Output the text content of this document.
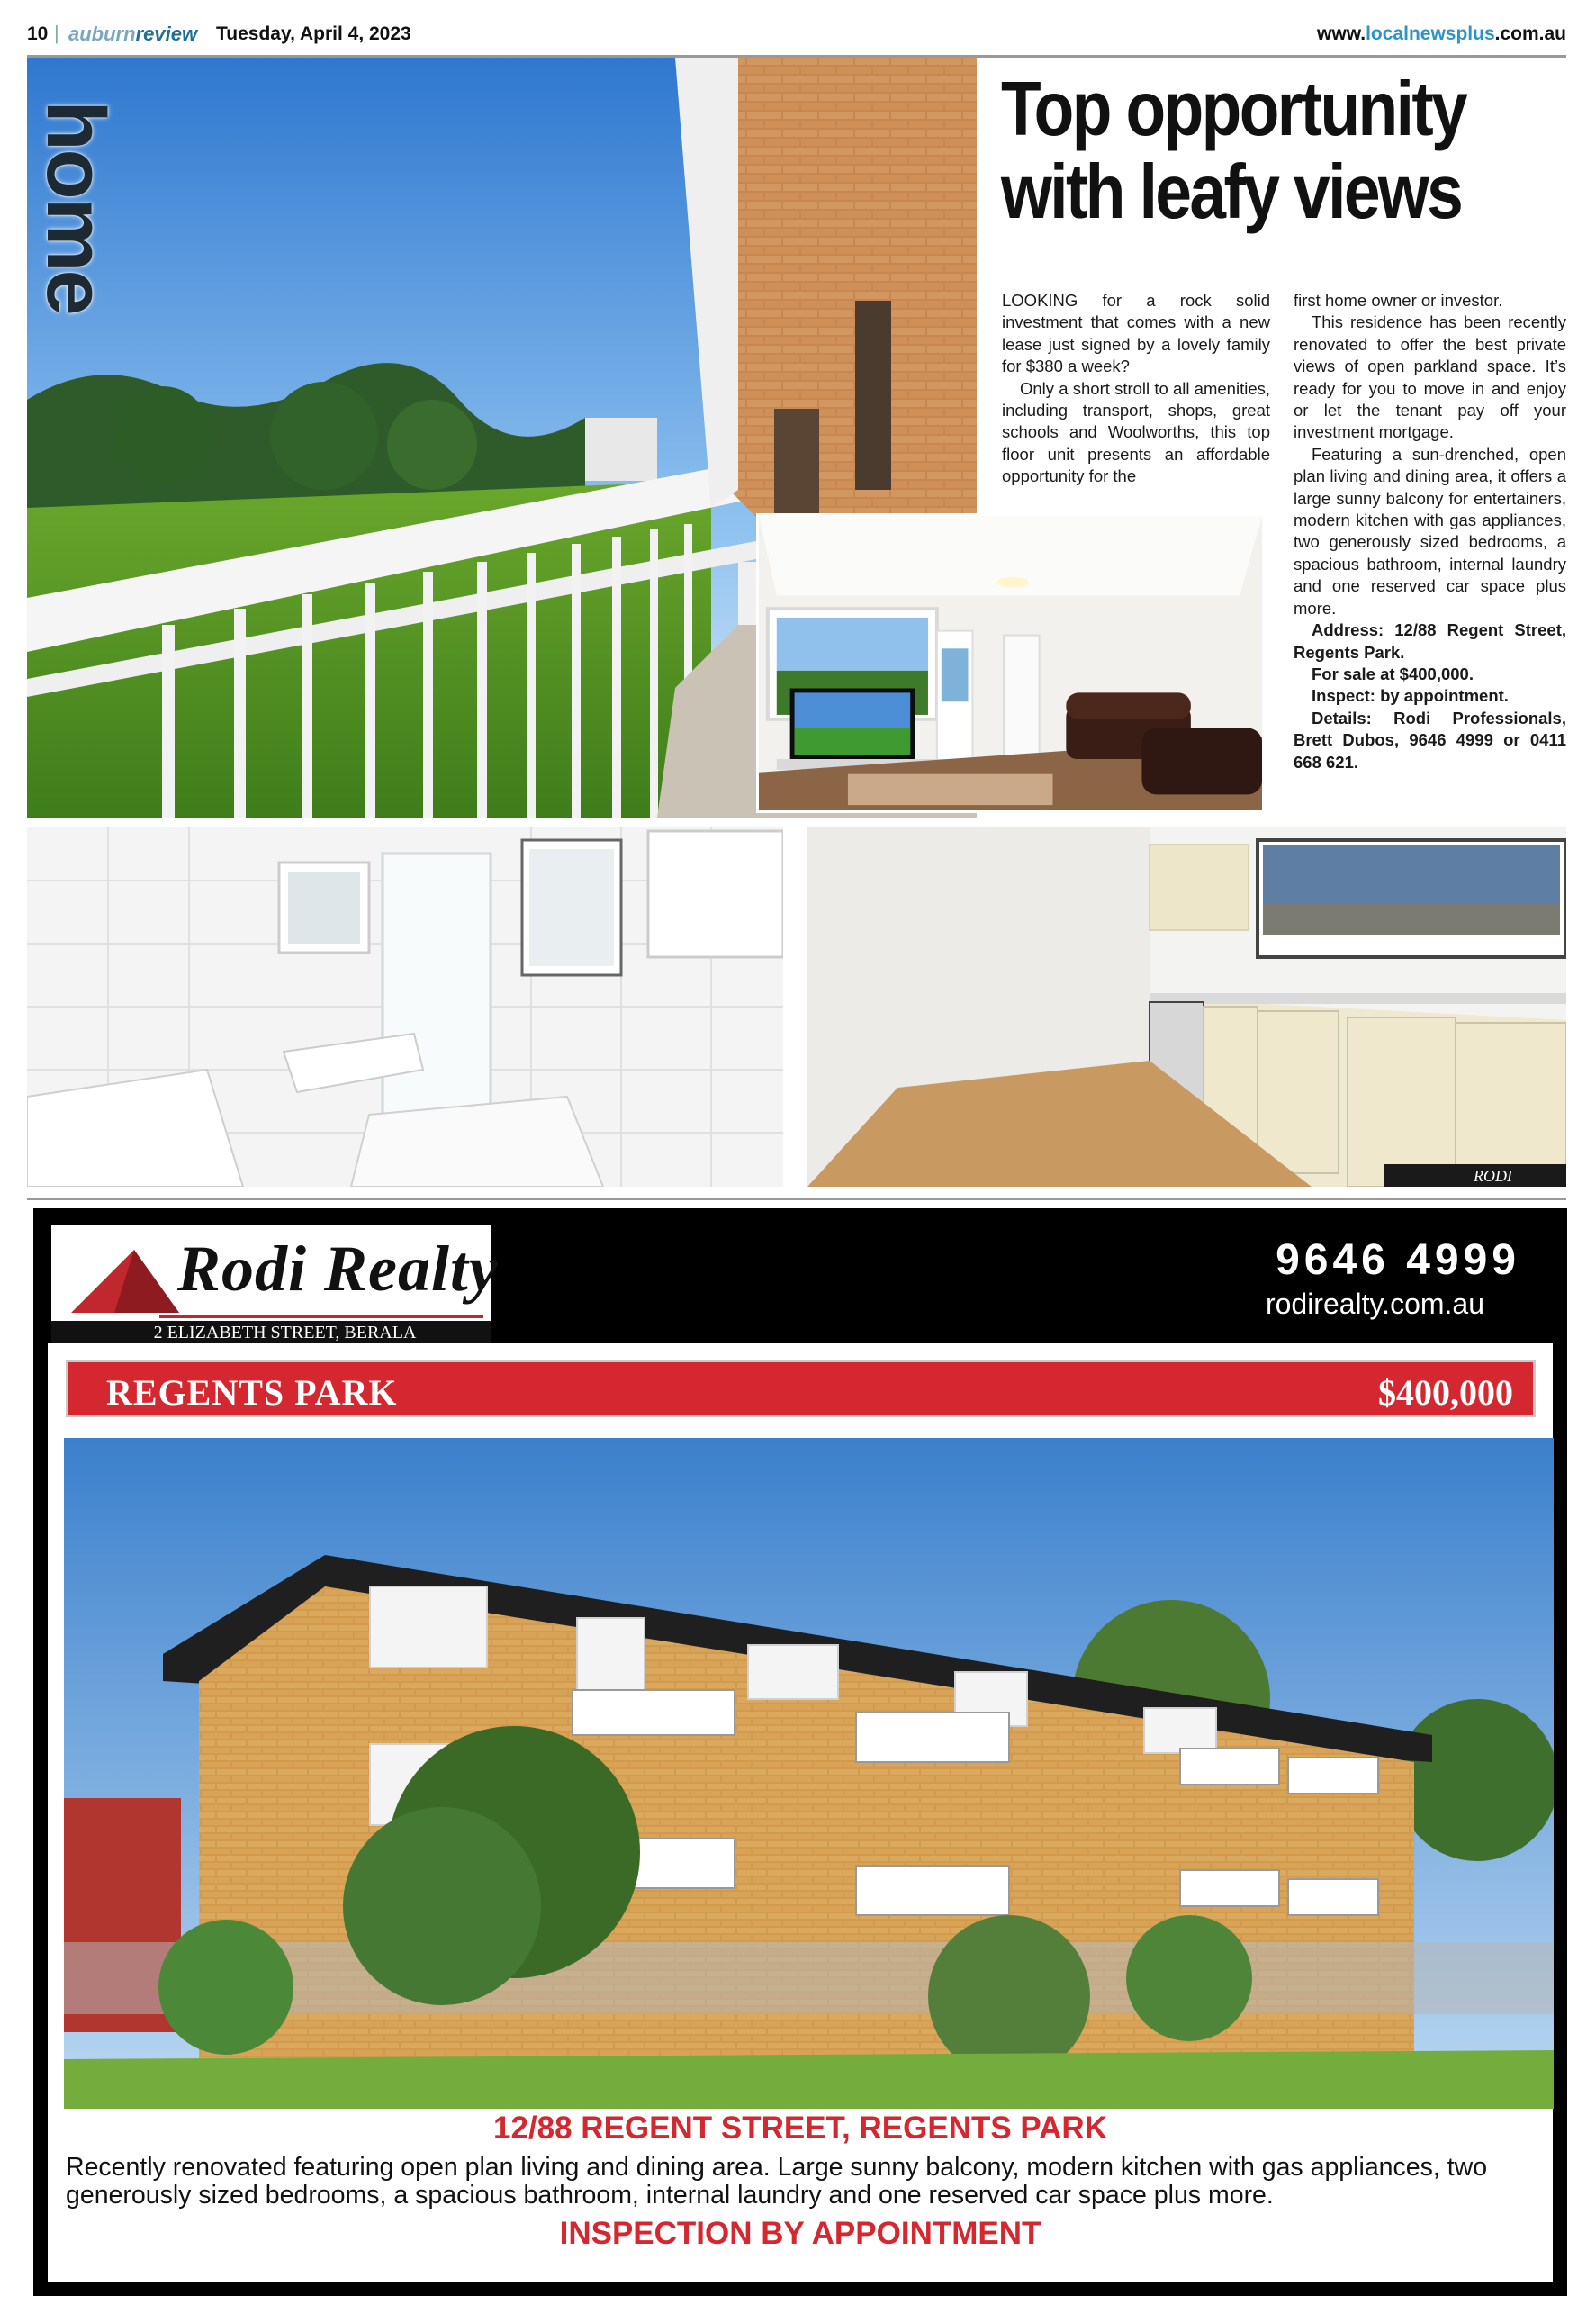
10 | auburnreview Tuesday, April 4, 2023	www.localnewsplus.com.au
home	Top opportunity
with leafy views

LOOKING for a rock solid investment that comes with a new lease just signed by a lovely family for $380 a week?

Only a short stroll to all amenities, including transport, shops, great schools and Woolworths, this top floor unit presents an affordable opportunity for the

first home owner or investor.

This residence has been recently renovated to offer the best private views of open parkland space. It’s ready for you to move in and enjoy or let the tenant pay off your investment mortgage.

Featuring a sun-drenched, open plan living and dining area, it offers a large sunny balcony for entertainers, modern kitchen with gas appliances, two generously sized bedrooms, a spacious bathroom, internal laundry and one reserved car space plus more.

Address: 12/88 Regent Street, Regents Park.

For sale at $400,000.

Inspect: by appointment.

Details: Rodi Professionals, Brett Dubos, 9646 4999 or 0411 668 621.

RODI
Rodi Realty
2 ELIZABETH STREET, BERALA
9646 4999
rodirealty.com.au
REGENTS PARK	$400,000
12/88 REGENT STREET, REGENTS PARK
Recently renovated featuring open plan living and dining area. Large sunny balcony, modern kitchen with gas appliances, two generously sized bedrooms, a spacious bathroom, internal laundry and one reserved car space plus more.
INSPECTION BY APPOINTMENT
